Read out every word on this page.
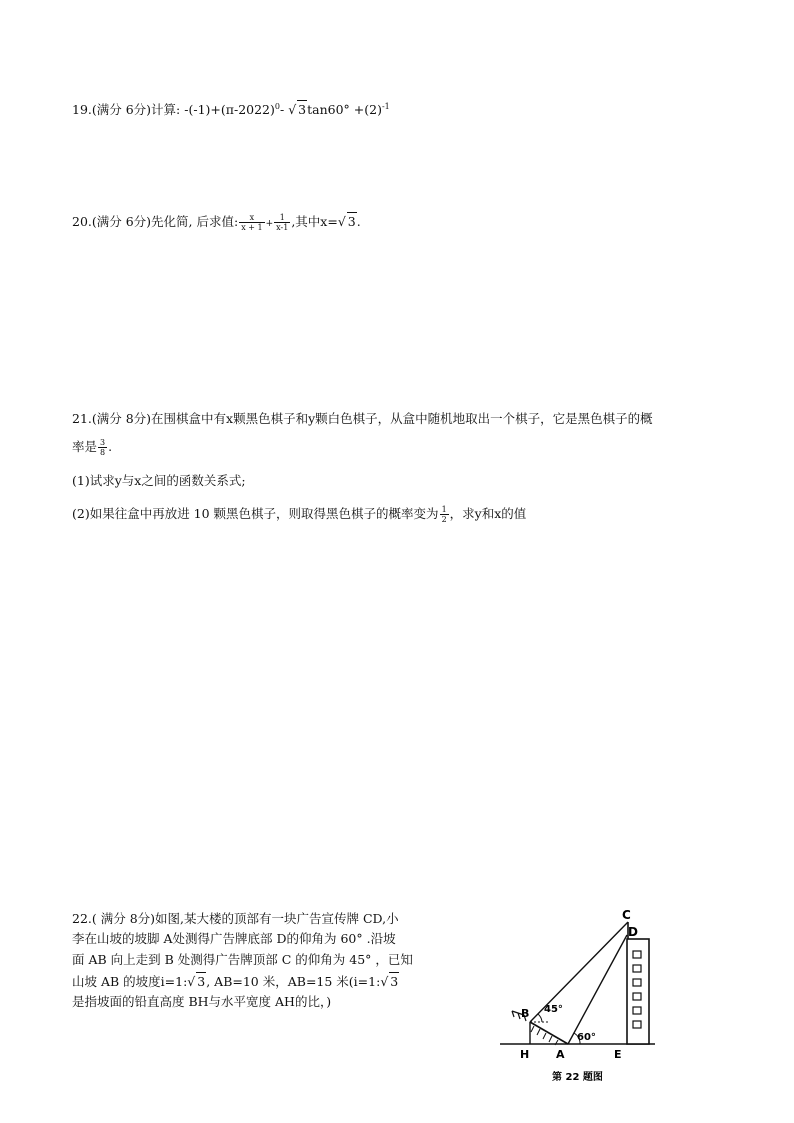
19.(满分 6分)计算: $-(-1)+(\pi-2022)^0-$ √ $3\tan 60^\circ +(2)^{-1}$
20.(满分 6分)先化简, 后求值: $\frac{x}{x + 1} + \frac{1}{x-1}$ ,其中x=√ 3.
21.(满分 8分)在围棋盒中有x颗黑色棋子和y颗白色棋子，从盒中随机地取出一个棋子，它是黑色棋子的概
率是 $\frac{3}{8}$ .
(1)试求y与x之间的函数关系式;
(2)如果往盒中再放进 10 颗黑色棋子，则取得黑色棋子的概率变为 $\frac{1}{2}$ ，求y和x的值
22.( 满分 8分)如图,某大楼的顶部有一块广告宣传牌 CD,小
李在山坡的坡脚 A处测得广告牌底部 D的仰角为 60° .沿坡
面 AB 向上走到 B 处测得广告牌顶部 C 的仰角为 45° ，已知
山坡 AB 的坡度i=1:√ 3, AB=10 米，AB=15 米(i=1:√ 3
是指坡面的铅直高度 BH与水平宽度 AH的比，)
C
D
B
H A	E
45°
60°
第 22 题图
